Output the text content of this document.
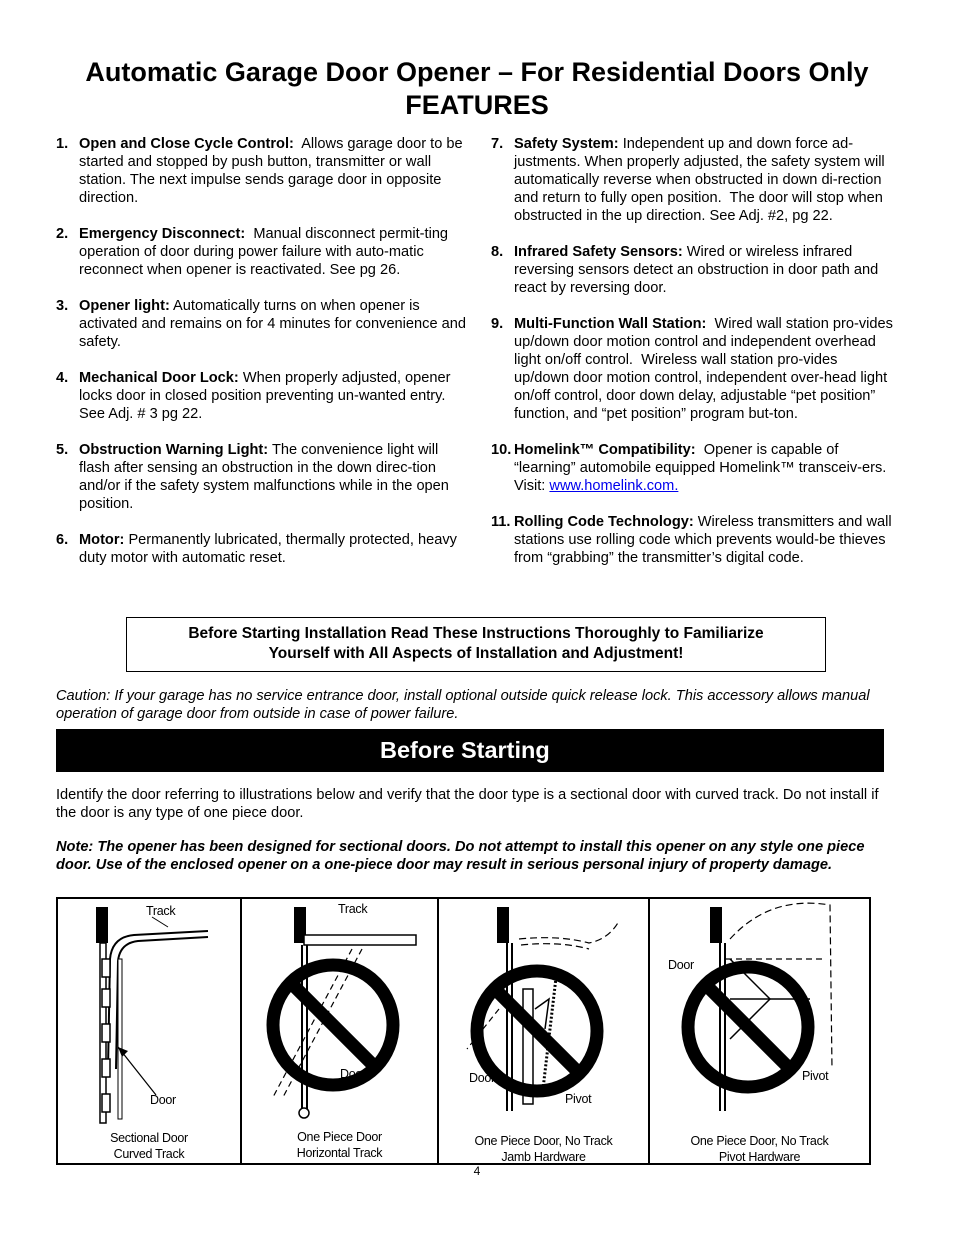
Automatic Garage Door Opener – For Residential Doors Only
FEATURES
1. Open and Close Cycle Control:  Allows garage door to be started and stopped by push button, transmitter or wall station. The next impulse sends garage door in opposite direction.
2. Emergency Disconnect:  Manual disconnect permit-ting operation of door during power failure with auto-matic reconnect when opener is reactivated. See pg 26.
3. Opener light: Automatically turns on when opener is activated and remains on for 4 minutes for convenience and safety.
4. Mechanical Door Lock: When properly adjusted, opener locks door in closed position preventing un-wanted entry.  See Adj. # 3 pg 22.
5. Obstruction Warning Light: The convenience light will flash after sensing an obstruction in the down direc-tion and/or if the safety system malfunctions while in the open position.
6. Motor: Permanently lubricated, thermally protected, heavy duty motor with automatic reset.
7. Safety System: Independent up and down force ad-justments. When properly adjusted, the safety system will automatically reverse when obstructed in down di-rection and return to fully open position.  The door will stop when obstructed in the up direction. See Adj. #2, pg 22.
8. Infrared Safety Sensors: Wired or wireless infrared reversing sensors detect an obstruction in door path and react by reversing door.
9. Multi-Function Wall Station:  Wired wall station pro-vides up/down door motion control and independent overhead light on/off control.  Wireless wall station pro-vides up/down door motion control, independent over-head light on/off control, door down delay, adjustable “pet position” function, and “pet position” program but-ton.
10. Homelink™ Compatibility:  Opener is capable of “learning” automobile equipped Homelink™ transceiv-ers. Visit: www.homelink.com.
11. Rolling Code Technology: Wireless transmitters and wall stations use rolling code which prevents would-be thieves from “grabbing” the transmitter’s digital code.
Before Starting Installation Read These Instructions Thoroughly to Familiarize
Yourself with All Aspects of Installation and Adjustment!
Caution: If your garage has no service entrance door, install optional outside quick release lock. This accessory allows manual operation of garage door from outside in case of power failure.
Before Starting
Identify the door referring to illustrations below and verify that the door type is a sectional door with curved track. Do not install if the door is any type of one piece door.
Note: The opener has been designed for sectional doors. Do not attempt to install this opener on any style one piece door. Use of the enclosed opener on a one-piece door may result in serious personal injury of property damage.
Track
Door
Sectional Door
Curved Track
Track
Door
One Piece Door
Horizontal Track
Door
Pivot
One Piece Door, No Track
Jamb Hardware
Door
Pivot
One Piece Door, No Track
Pivot Hardware
4
